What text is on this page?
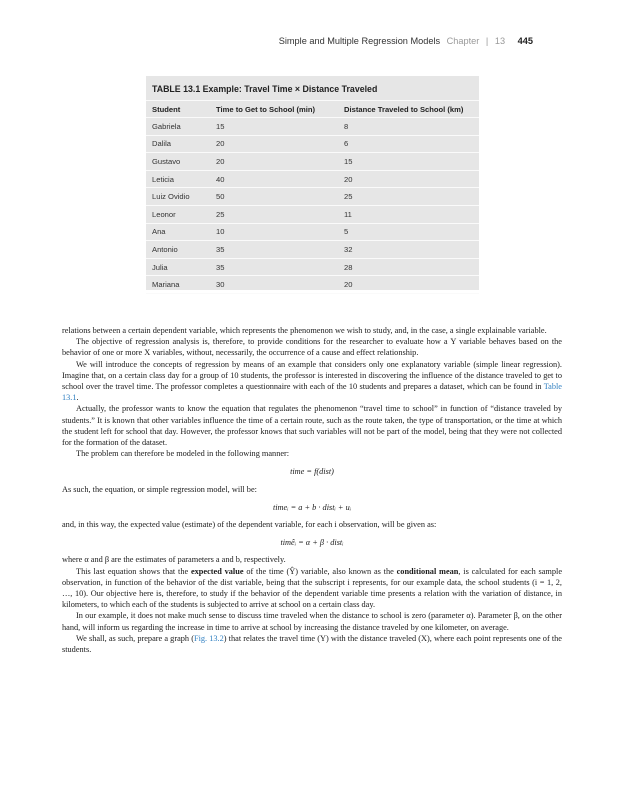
Simple and Multiple Regression Models Chapter | 13 445
TABLE 13.1 Example: Travel Time × Distance Traveled
Student	Time to Get to School (min)	Distance Traveled to School (km)
Gabriela	15	8
Dalila	20	6
Gustavo	20	15
Leticia	40	20
Luiz Ovidio	50	25
Leonor	25	11
Ana	10	5
Antonio	35	32
Julia	35	28
Mariana	30	20

relations between a certain dependent variable, which represents the phenomenon we wish to study, and, in the case, a single explainable variable.

The objective of regression analysis is, therefore, to provide conditions for the researcher to evaluate how a Y variable behaves based on the behavior of one or more X variables, without, necessarily, the occurrence of a cause and effect relationship.

We will introduce the concepts of regression by means of an example that considers only one explanatory variable (simple linear regression). Imagine that, on a certain class day for a group of 10 students, the professor is interested in discovering the influence of the distance traveled to get to school over the travel time. The professor completes a questionnaire with each of the 10 students and prepares a dataset, which can be found in Table 13.1.

Actually, the professor wants to know the equation that regulates the phenomenon “travel time to school” in function of “distance traveled by students.” It is known that other variables influence the time of a certain route, such as the route taken, the type of transportation, or the time at which the student left for school that day. However, the professor knows that such variables will not be part of the model, being that they were not collected for the formation of the dataset.

The problem can therefore be modeled in the following manner:

time = f(dist)

As such, the equation, or simple regression model, will be:

timeᵢ = a + b · distᵢ + uᵢ

and, in this way, the expected value (estimate) of the dependent variable, for each i observation, will be given as:

timêᵢ = α + β · distᵢ

where α and β are the estimates of parameters a and b, respectively.

This last equation shows that the expected value of the time (Ŷ) variable, also known as the conditional mean, is calculated for each sample observation, in function of the behavior of the dist variable, being that the subscript i represents, for our example data, the school students (i = 1, 2, …, 10). Our objective here is, therefore, to study if the behavior of the dependent variable time presents a relation with the variation of distance, in kilometers, to which each of the students is subjected to arrive at school on a certain class day.

In our example, it does not make much sense to discuss time traveled when the distance to school is zero (parameter α). Parameter β, on the other hand, will inform us regarding the increase in time to arrive at school by increasing the distance traveled by one kilometer, on average.

We shall, as such, prepare a graph (Fig. 13.2) that relates the travel time (Y) with the distance traveled (X), where each point represents one of the students.
